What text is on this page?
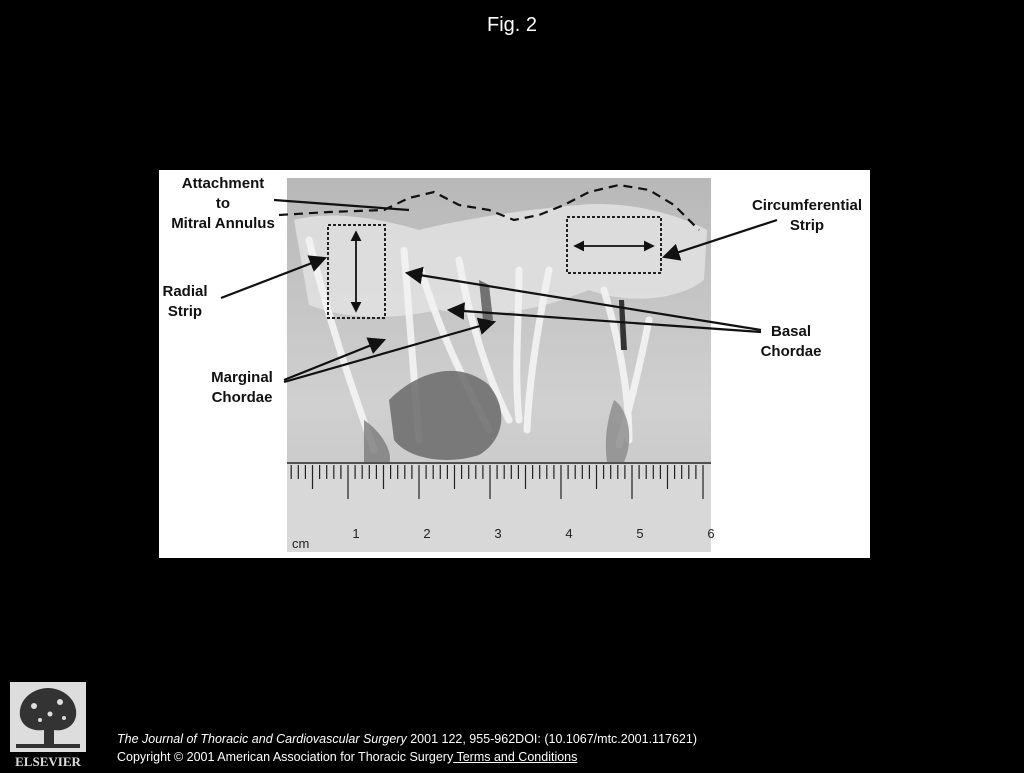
Fig. 2
cm
1	2	3	4	5	6
Attachment
to
Mitral Annulus
Circumferential
Strip
Radial
Strip
Basal
Chordae
Marginal
Chordae
ELSEVIER
The Journal of Thoracic and Cardiovascular Surgery 2001 122, 955-962DOI: (10.1067/mtc.2001.117621)
Copyright © 2001 American Association for Thoracic Surgery Terms and Conditions
